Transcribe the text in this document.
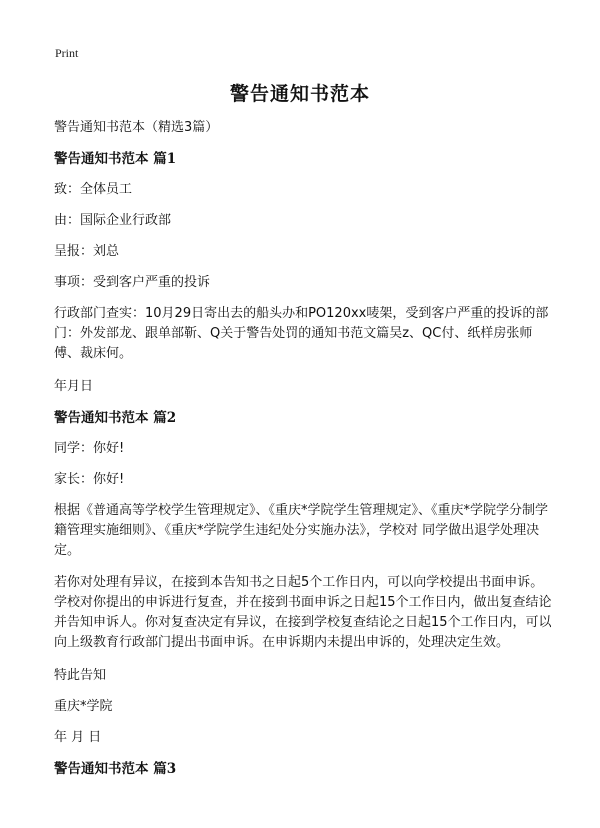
Print
警告通知书范本

警告通知书范本（精选3篇）

警告通知书范本 篇1

致：全体员工

由：国际企业行政部

呈报：刘总

事项：受到客户严重的投诉

行政部门查实：10月29日寄出去的船头办和PO120xx唛架，受到客户严重的投诉的部门：外发部龙、跟单部靳、Q关于警告处罚的通知书范文篇吴z、QC付、纸样房张师傅、裁床何。

年月日

警告通知书范本 篇2

同学：你好!

家长：你好!

根据《普通高等学校学生管理规定》、《重庆*学院学生管理规定》、《重庆*学院学分制学籍管理实施细则》、《重庆*学院学生违纪处分实施办法》，学校对 同学做出退学处理决定。

若你对处理有异议，在接到本告知书之日起5个工作日内，可以向学校提出书面申诉。学校对你提出的申诉进行复查，并在接到书面申诉之日起15个工作日内，做出复查结论并告知申诉人。你对复查决定有异议，在接到学校复查结论之日起15个工作日内，可以向上级教育行政部门提出书面申诉。在申诉期内未提出申诉的，处理决定生效。

特此告知

重庆*学院

年 月 日

警告通知书范本 篇3
